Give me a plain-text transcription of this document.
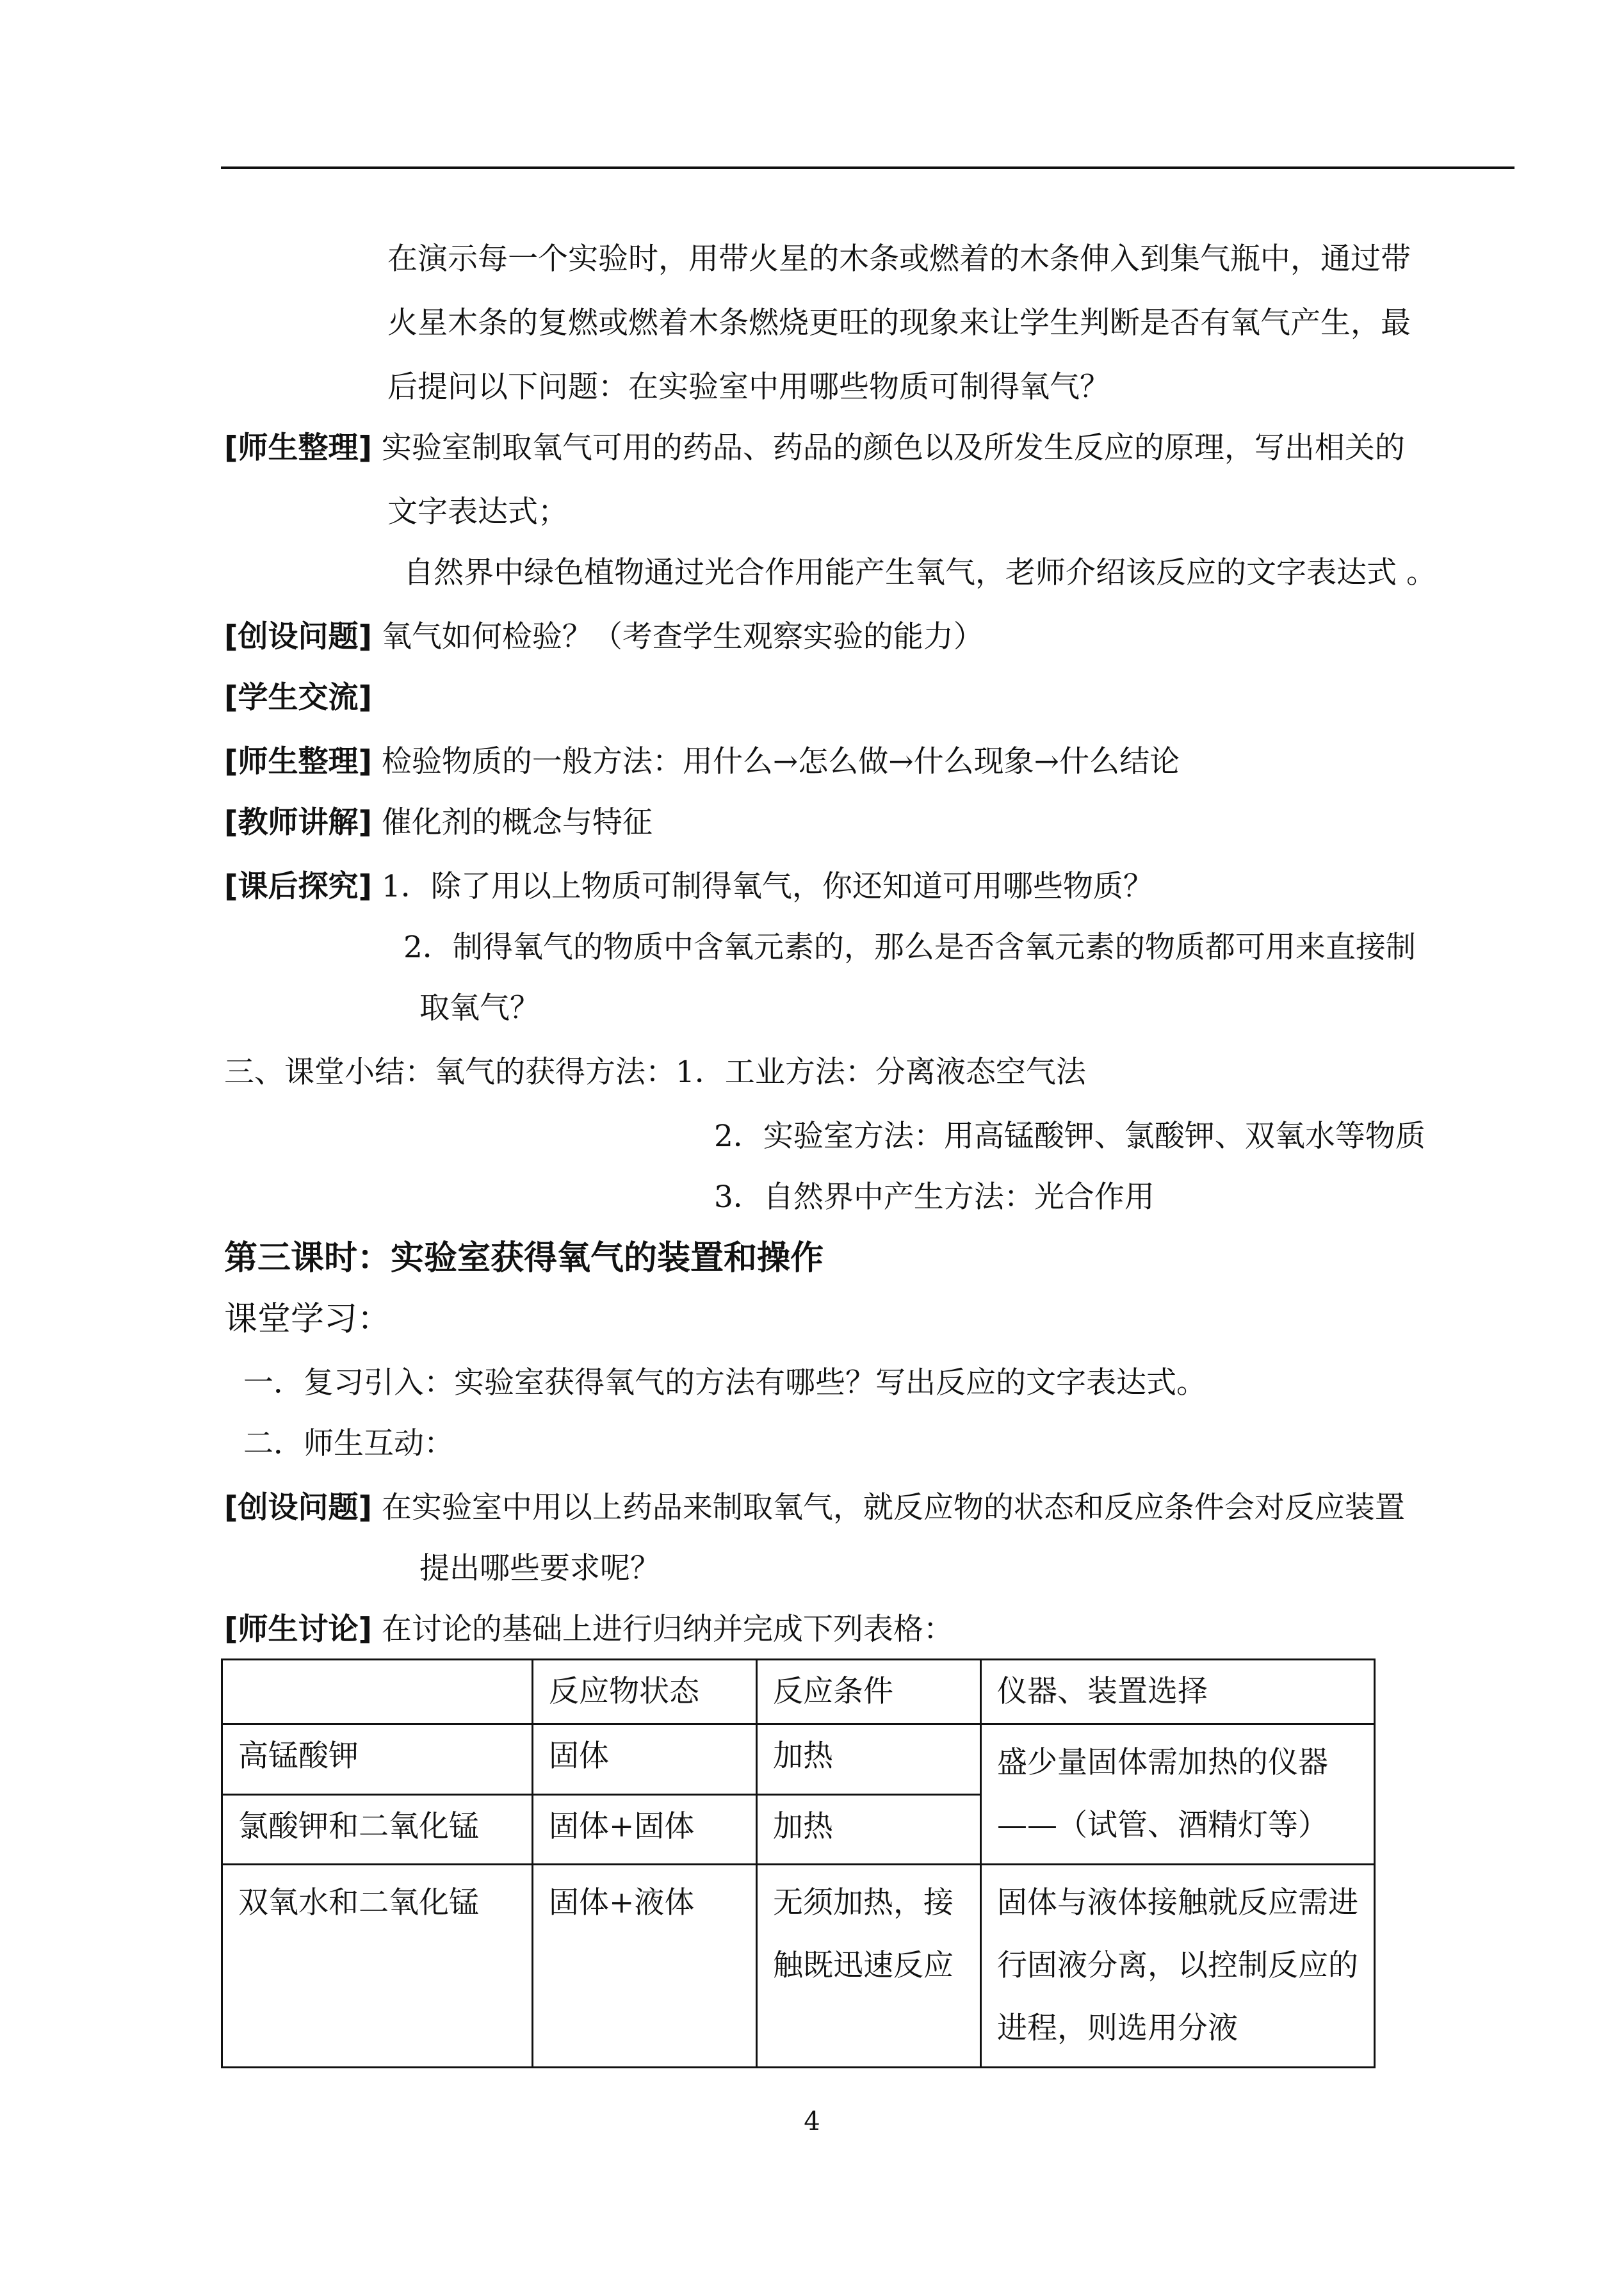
在演示每一个实验时，用带火星的木条或燃着的木条伸入到集气瓶中，通过带
火星木条的复燃或燃着木条燃烧更旺的现象来让学生判断是否有氧气产生，最
后提问以下问题：在实验室中用哪些物质可制得氧气？
[师生整理] 实验室制取氧气可用的药品、药品的颜色以及所发生反应的原理，写出相关的
文字表达式；
自然界中绿色植物通过光合作用能产生氧气，老师介绍该反应的文字表达式 。
[创设问题] 氧气如何检验？（考查学生观察实验的能力）
[学生交流]
[师生整理] 检验物质的一般方法：用什么→怎么做→什么现象→什么结论
[教师讲解] 催化剂的概念与特征
[课后探究] 1．除了用以上物质可制得氧气，你还知道可用哪些物质？
2．制得氧气的物质中含氧元素的，那么是否含氧元素的物质都可用来直接制
取氧气？
三、课堂小结：氧气的获得方法：1．工业方法：分离液态空气法
2．实验室方法：用高锰酸钾、氯酸钾、双氧水等物质
3．自然界中产生方法：光合作用
第三课时：实验室获得氧气的装置和操作
课堂学习：
一．复习引入：实验室获得氧气的方法有哪些？写出反应的文字表达式。
二．师生互动：
[创设问题] 在实验室中用以上药品来制取氧气，就反应物的状态和反应条件会对反应装置
提出哪些要求呢？
[师生讨论] 在讨论的基础上进行归纳并完成下列表格：
	反应物状态	反应条件	仪器、装置选择
高锰酸钾	固体	加热	盛少量固体需加热的仪器——（试管、酒精灯等）
氯酸钾和二氧化锰	固体+固体	加热	
双氧水和二氧化锰	固体+液体	无须加热，接触既迅速反应	固体与液体接触就反应需进行固液分离，以控制反应的进程，则选用分液
4
